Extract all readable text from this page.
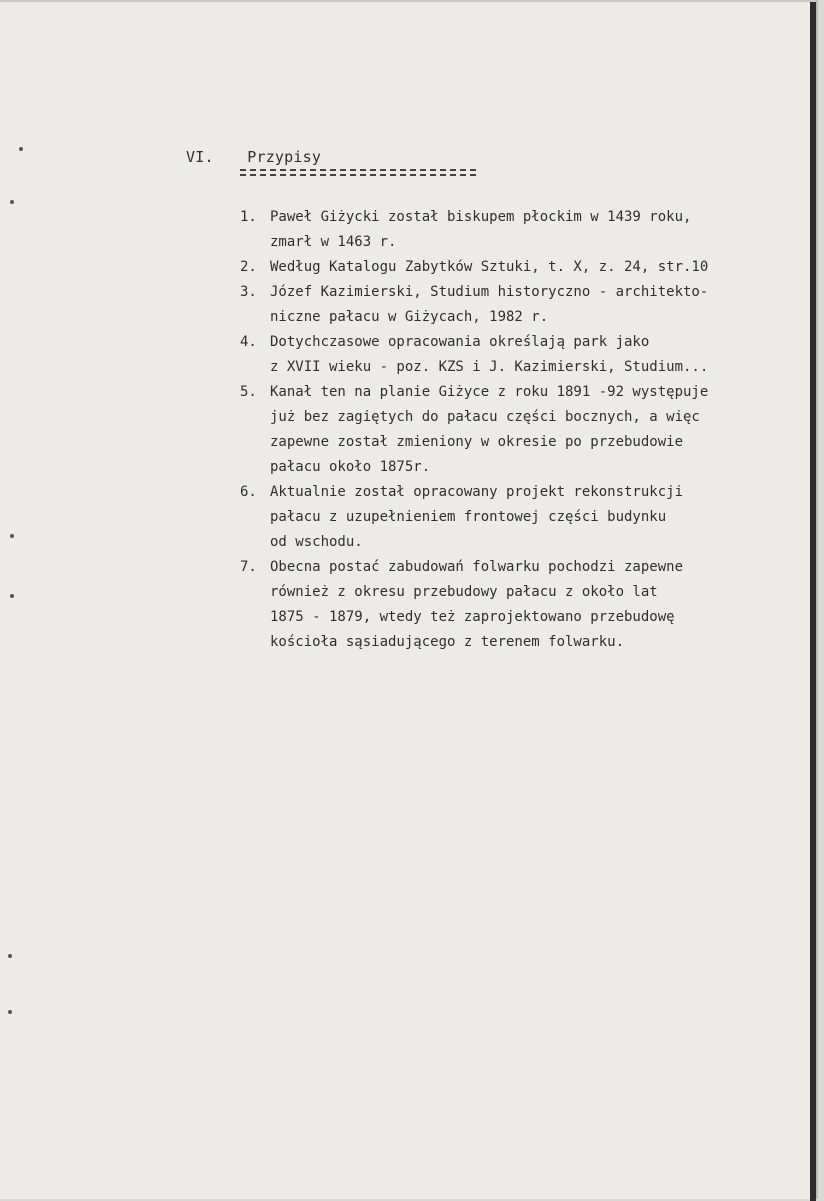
VI. Przypisy
1. Paweł Giżycki został biskupem płockim w 1439 roku,
zmarł w 1463 r.
2. Według Katalogu Zabytków Sztuki, t. X, z. 24, str.10
3. Józef Kazimierski, Studium historyczno - architekto-
niczne pałacu w Giżycach, 1982 r.
4. Dotychczasowe opracowania określają park jako
z XVII wieku - poz. KZS i J. Kazimierski, Studium...
5. Kanał ten na planie Giżyce z roku 1891 -92 występuje
już bez zagiętych do pałacu części bocznych, a więc
zapewne został zmieniony w okresie po przebudowie
pałacu około 1875r.
6. Aktualnie został opracowany projekt rekonstrukcji
pałacu z uzupełnieniem frontowej części budynku
od wschodu.
7. Obecna postać zabudowań folwarku pochodzi zapewne
również z okresu przebudowy pałacu z około lat
1875 - 1879, wtedy też zaprojektowano przebudowę
kościoła sąsiadującego z terenem folwarku.
